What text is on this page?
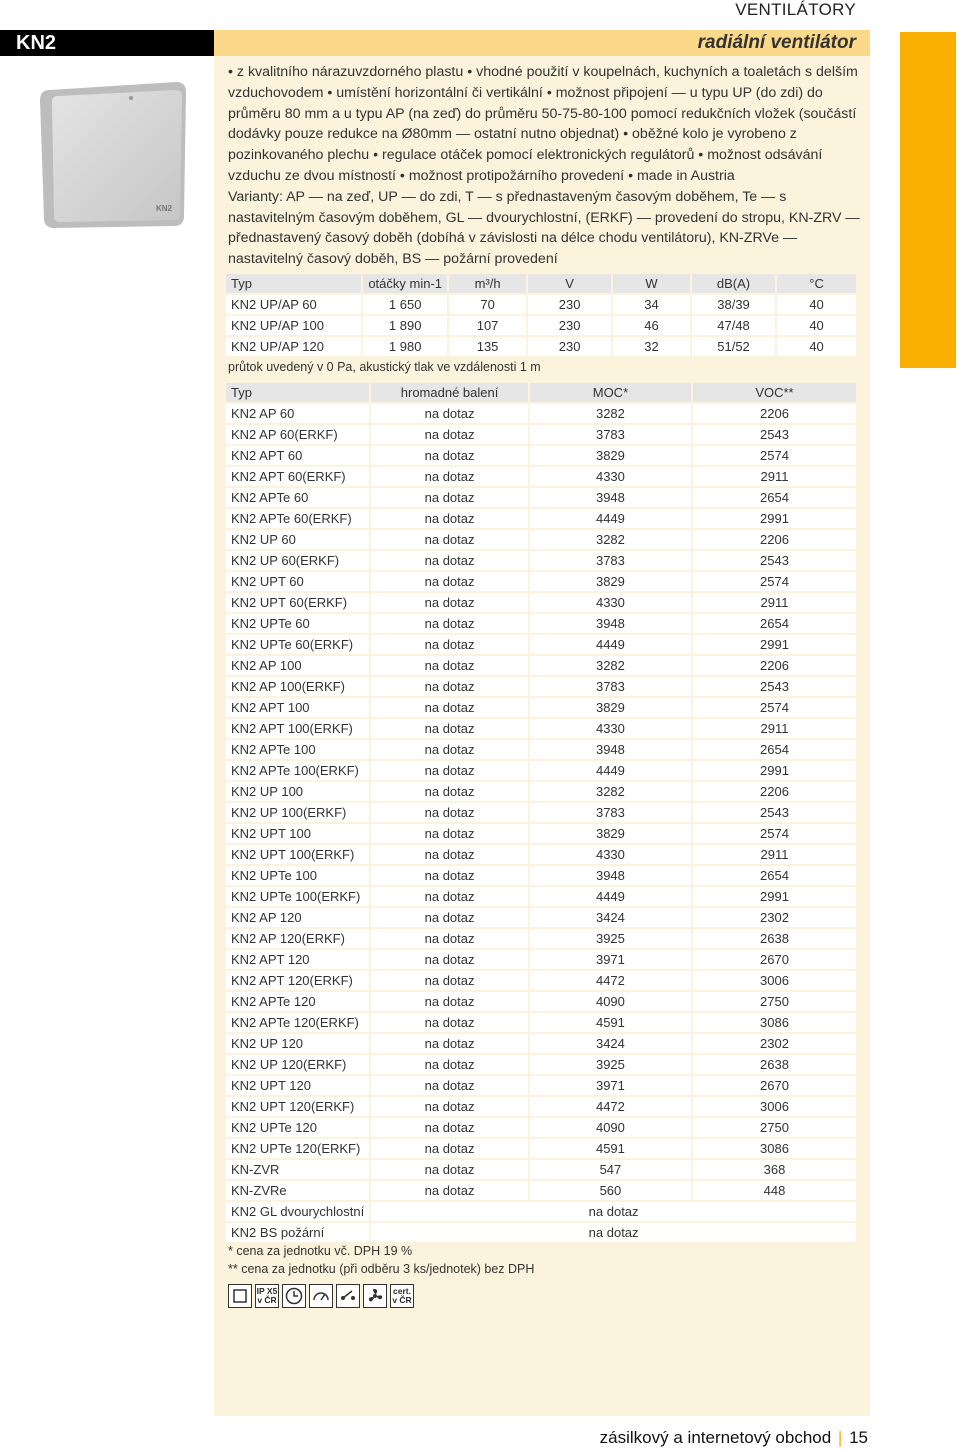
VENTILÁTORY
KN2	radiální ventilátor
KN2

• z kvalitního nárazuvzdorného plastu • vhodné použití v koupelnách, kuchyních a toaletách s delším vzduchovodem • umístění horizontální či vertikální • možnost připojení — u typu UP (do zdi) do průměru 80 mm a u typu AP (na zeď) do průměru 50-75-80-100 pomocí redukčních vložek (součástí dodávky pouze redukce na Ø80mm — ostatní nutno objednat) • oběžné kolo je vyrobeno z pozinkovaného plechu • regulace otáček pomocí elektronických regulátorů • možnost odsávání vzduchu ze dvou místností • možnost protipožárního provedení • made in Austria

Varianty: AP — na zeď, UP — do zdi, T — s přednastaveným časovým doběhem, Te — s nastavitelným časovým doběhem, GL — dvourychlostní, (ERKF) — provedení do stropu, KN-ZRV — přednastavený časový doběh (dobíhá v závislosti na délce chodu ventilátoru), KN-ZRVe — nastavitelný časový doběh, BS — požární provedení

Typ	otáčky min-1	m³/h	V	W	dB(A)	°C
KN2 UP/AP 60	1 650	70	230	34	38/39	40
KN2 UP/AP 100	1 890	107	230	46	47/48	40
KN2 UP/AP 120	1 980	135	230	32	51/52	40
průtok uvedený v 0 Pa, akustický tlak ve vzdálenosti 1 m
Typ	hromadné balení	MOC*	VOC**
KN2 AP 60	na dotaz	3282	2206
KN2 AP 60(ERKF)	na dotaz	3783	2543
KN2 APT 60	na dotaz	3829	2574
KN2 APT 60(ERKF)	na dotaz	4330	2911
KN2 APTe 60	na dotaz	3948	2654
KN2 APTe 60(ERKF)	na dotaz	4449	2991
KN2 UP 60	na dotaz	3282	2206
KN2 UP 60(ERKF)	na dotaz	3783	2543
KN2 UPT 60	na dotaz	3829	2574
KN2 UPT 60(ERKF)	na dotaz	4330	2911
KN2 UPTe 60	na dotaz	3948	2654
KN2 UPTe 60(ERKF)	na dotaz	4449	2991
KN2 AP 100	na dotaz	3282	2206
KN2 AP 100(ERKF)	na dotaz	3783	2543
KN2 APT 100	na dotaz	3829	2574
KN2 APT 100(ERKF)	na dotaz	4330	2911
KN2 APTe 100	na dotaz	3948	2654
KN2 APTe 100(ERKF)	na dotaz	4449	2991
KN2 UP 100	na dotaz	3282	2206
KN2 UP 100(ERKF)	na dotaz	3783	2543
KN2 UPT 100	na dotaz	3829	2574
KN2 UPT 100(ERKF)	na dotaz	4330	2911
KN2 UPTe 100	na dotaz	3948	2654
KN2 UPTe 100(ERKF)	na dotaz	4449	2991
KN2 AP 120	na dotaz	3424	2302
KN2 AP 120(ERKF)	na dotaz	3925	2638
KN2 APT 120	na dotaz	3971	2670
KN2 APT 120(ERKF)	na dotaz	4472	3006
KN2 APTe 120	na dotaz	4090	2750
KN2 APTe 120(ERKF)	na dotaz	4591	3086
KN2 UP 120	na dotaz	3424	2302
KN2 UP 120(ERKF)	na dotaz	3925	2638
KN2 UPT 120	na dotaz	3971	2670
KN2 UPT 120(ERKF)	na dotaz	4472	3006
KN2 UPTe 120	na dotaz	4090	2750
KN2 UPTe 120(ERKF)	na dotaz	4591	3086
KN-ZVR	na dotaz	547	368
KN-ZVRe	na dotaz	560	448
KN2 GL dvourychlostní	na dotaz		
KN2 BS požární	na dotaz		
* cena za jednotku vč. DPH 19 %
** cena za jednotku (při odběru 3 ks/jednotek) bez DPH
IP X5 v ČR
cert. v ČR
zásilkový a internetový obchod | 15
